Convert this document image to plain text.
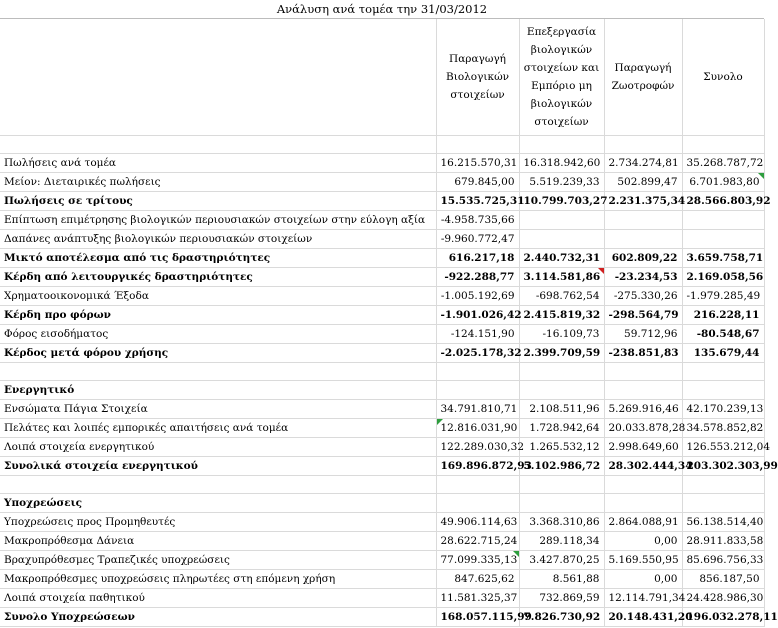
Ανάλυση ανά τομέα την 31/03/2012
	Παραγωγή Βιολογικών στοιχείων	Επεξεργασία βιολογικών στοιχείων και Εμπόριο μη βιολογικών στοιχείων	Παραγωγή Ζωοτροφών	Συνολο

Πωλήσεις ανά τομέα	16.215.570,31	16.318.942,60	2.734.274,81	35.268.787,72
Μείον: Διεταιρικές πωλήσεις	679.845,00	5.519.239,33	502.899,47	6.701.983,80
Πωλήσεις σε τρίτους	15.535.725,31	10.799.703,27	2.231.375,34	28.566.803,92
Επίπτωση επιμέτρησης βιολογικών περιουσιακών στοιχείων στην εύλογη αξία	-4.958.735,66			
Δαπάνες ανάπτυξης βιολογικών περιουσιακών στοιχείων	-9.960.772,47			
Μικτό αποτέλεσμα από τις δραστηριότητες	616.217,18	2.440.732,31	602.809,22	3.659.758,71
Κέρδη από λειτουργικές δραστηριότητες	-922.288,77	3.114.581,86	-23.234,53	2.169.058,56
Χρηματοοικονομικά Έξοδα	-1.005.192,69	-698.762,54	-275.330,26	-1.979.285,49
Κέρδη προ φόρων	-1.901.026,42	2.415.819,32	-298.564,79	216.228,11
Φόρος εισοδήματος	-124.151,90	-16.109,73	59.712,96	-80.548,67
Κέρδος μετά φόρου χρήσης	-2.025.178,32	2.399.709,59	-238.851,83	135.679,44

Ενεργητικό				
Ενσώματα Πάγια Στοιχεία	34.791.810,71	2.108.511,96	5.269.916,46	42.170.239,13
Πελάτες και λοιπές εμπορικές απαιτήσεις ανά τομέα	12.816.031,90	1.728.942,64	20.033.878,28	34.578.852,82
Λοιπά στοιχεία ενεργητικού	122.289.030,32	1.265.532,12	2.998.649,60	126.553.212,04
Συνολικά στοιχεία ενεργητικού	169.896.872,93	5.102.986,72	28.302.444,34	203.302.303,99

Υποχρεώσεις				
Υποχρεώσεις προς Προμηθευτές	49.906.114,63	3.368.310,86	2.864.088,91	56.138.514,40
Μακροπρόθεσμα Δάνεια	28.622.715,24	289.118,34	0,00	28.911.833,58
Βραχυπρόθεσμες Τραπεζικές υποχρεώσεις	77.099.335,13	3.427.870,25	5.169.550,95	85.696.756,33
Μακροπρόθεσμες υποχρεώσεις πληρωτέες στη επόμενη χρήση	847.625,62	8.561,88	0,00	856.187,50
Λοιπά στοιχεία παθητικού	11.581.325,37	732.869,59	12.114.791,34	24.428.986,30
Συνολο Υποχρεώσεων	168.057.115,99	7.826.730,92	20.148.431,20	196.032.278,11
